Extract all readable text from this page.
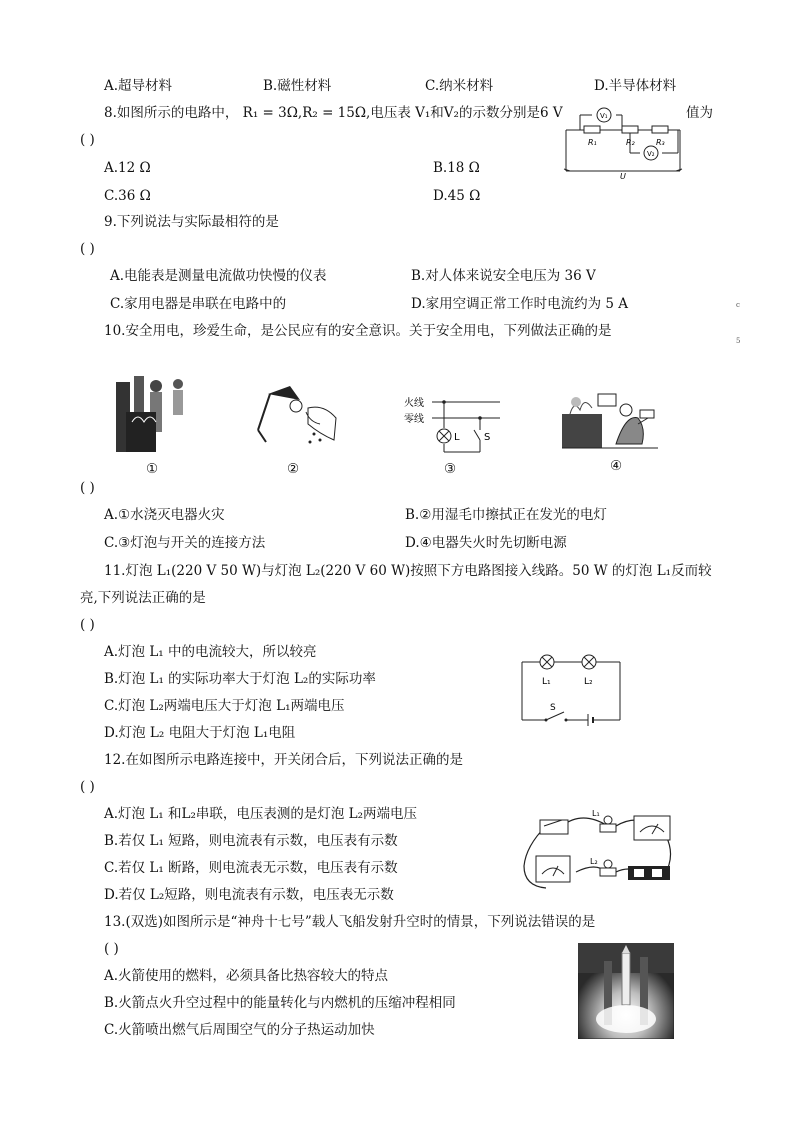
A.超导材料	B.磁性材料	C.纳米材料	D.半导体材料
8.如图所示的电路中， R₁ = 3Ω,R₂ = 15Ω,电压表 V₁和V₂的示数分别是6 V	值为
( )
A.12 Ω	B.18 Ω
C.36 Ω	D.45 Ω
V₁
V₂
R₁	R₂	R₃
U
9.下列说法与实际最相符的是
( )
A.电能表是测量电流做功快慢的仪表	B.对人体来说安全电压为 36 V
C.家用电器是串联在电路中的	D.家用空调正常工作时电流约为 5 A	c
5
10.安全用电，珍爱生命，是公民应有的安全意识。关于安全用电，下列做法正确的是
①	②
火线
零线
L S
③	④
( )
A.①水浇灭电器火灾	B.②用湿毛巾擦拭正在发光的电灯
C.③灯泡与开关的连接方法	D.④电器失火时先切断电源
11.灯泡 L₁(220 V 50 W)与灯泡 L₂(220 V 60 W)按照下方电路图接入线路。50 W 的灯泡 L₁反而较
亮,下列说法正确的是
( )
A.灯泡 L₁ 中的电流较大，所以较亮
B.灯泡 L₁ 的实际功率大于灯泡 L₂的实际功率
C.灯泡 L₂两端电压大于灯泡 L₁两端电压
D.灯泡 L₂ 电阻大于灯泡 L₁电阻
L₁	L₂
S
12.在如图所示电路连接中，开关闭合后，下列说法正确的是
( )
A.灯泡 L₁ 和L₂串联，电压表测的是灯泡 L₂两端电压
B.若仅 L₁ 短路，则电流表有示数，电压表有示数
C.若仅 L₁ 断路，则电流表无示数，电压表有示数
D.若仅 L₂短路，则电流表有示数，电压表无示数
L₁
L₂
13.(双选)如图所示是“神舟十七号”载人飞船发射升空时的情景，下列说法错误的是
( )
A.火箭使用的燃料，必须具备比热容较大的特点
B.火箭点火升空过程中的能量转化与内燃机的压缩冲程相同
C.火箭喷出燃气后周围空气的分子热运动加快
